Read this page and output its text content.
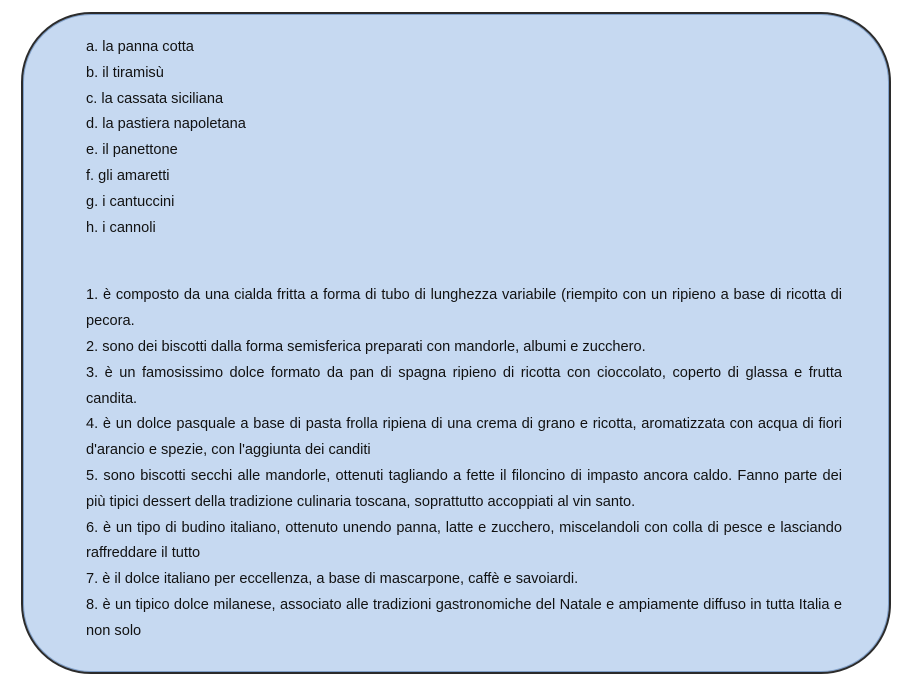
a. la panna cotta
b. il tiramisù
c. la cassata siciliana
d. la pastiera napoletana
e. il panettone
f. gli amaretti
g. i cantuccini
h. i cannoli
1. è composto da una cialda fritta a forma di tubo di lunghezza variabile (riempito con un ripieno a base di ricotta di pecora.
2. sono dei biscotti dalla forma semisferica preparati con mandorle, albumi e zucchero.
3. è un famosissimo dolce formato da pan di spagna ripieno di ricotta con cioccolato, coperto di glassa e frutta candita.
4. è un dolce pasquale a base di pasta frolla ripiena di una crema di grano e ricotta, aromatizzata con acqua di fiori d'arancio e spezie, con l'aggiunta dei canditi
5. sono biscotti secchi alle mandorle, ottenuti tagliando a fette il filoncino di impasto ancora caldo. Fanno parte dei più tipici dessert della tradizione culinaria toscana, soprattutto accoppiati al vin santo.
6. è un tipo di budino italiano, ottenuto unendo panna, latte e zucchero, miscelandoli con colla di pesce e lasciando raffreddare il tutto
7. è il dolce italiano per eccellenza, a base di mascarpone, caffè e savoiardi.
8. è un tipico dolce milanese, associato alle tradizioni gastronomiche del Natale e ampiamente diffuso in tutta Italia e non solo
